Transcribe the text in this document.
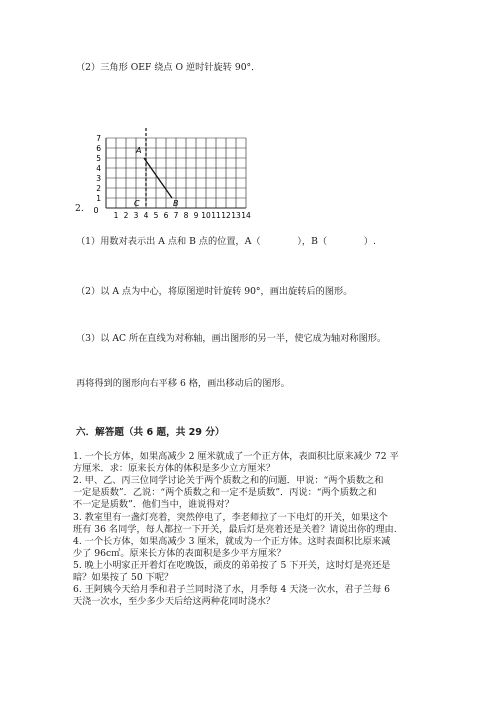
（2）三角形 OEF 绕点 O 逆时针旋转 90°．
2.
1 2 3 4 5 6 7 8 9 10 11 12 13 14
1
2
3
4
5
6
7
0
A
B
C
（1）用数对表示出 A 点和 B 点的位置，A（　　　　），B（　　　　）.
（2）以 A 点为中心，将原图逆时针旋转 90°，画出旋转后的图形。
（3）以 AC 所在直线为对称轴，画出图形的另一半，使它成为轴对称图形。
再将得到的图形向右平移 6 格，画出移动后的图形。
六．解答题（共 6 题，共 29 分）
1. 一个长方体，如果高减少 2 厘米就成了一个正方体，表面积比原来减少 72 平
方厘米．求：原来长方体的体积是多少立方厘米？
2. 甲、乙、丙三位同学讨论关于两个质数之和的问题．甲说：“两个质数之和
一定是质数”．乙说：“两个质数之和一定不是质数”．丙说：“两个质数之和
不一定是质数”．他们当中，谁说得对？
3. 教室里有一盏灯亮着，突然停电了，李老师拉了一下电灯的开关，如果这个
班有 36 名同学，每人都拉一下开关，最后灯是亮着还是关着？请说出你的理由.
4. 一个长方体，如果高减少 3 厘米，就成为一个正方体。这时表面积比原来减
少了 96c㎡。原来长方体的表面积是多少平方厘米？
5. 晚上小明家正开着灯在吃晚饭，顽皮的弟弟按了 5 下开关，这时灯是亮还是
暗？如果按了 50 下呢？
6. 王阿姨今天给月季和君子兰同时浇了水，月季每 4 天浇一次水，君子兰每 6
天浇一次水，至少多少天后给这两种花同时浇水？
